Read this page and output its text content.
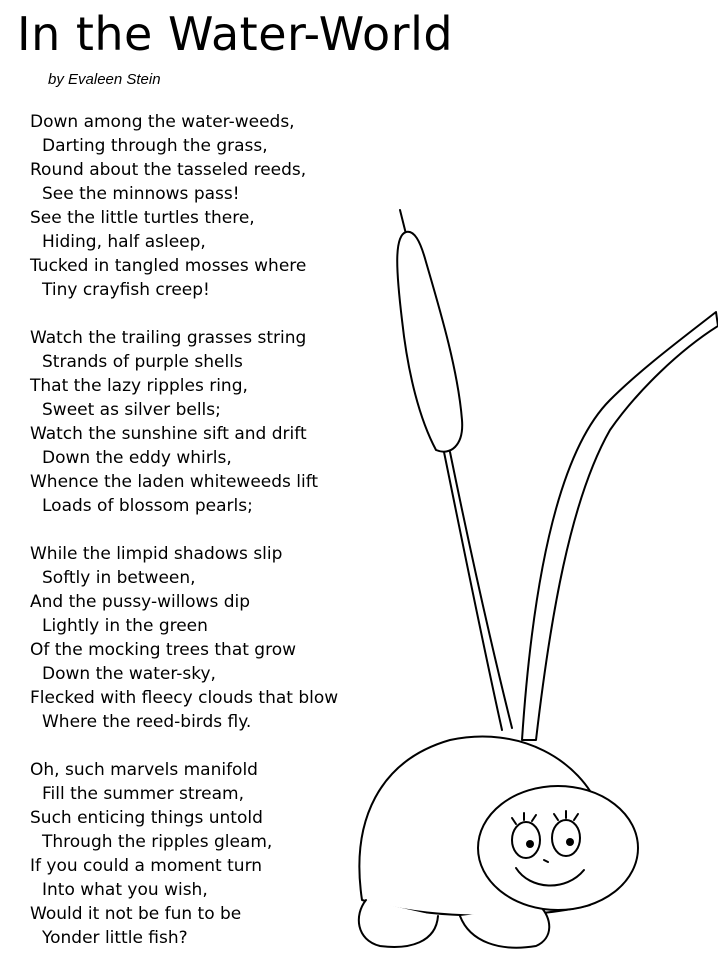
In the Water-World
by Evaleen Stein
Down among the water-weeds,
Darting through the grass,
Round about the tasseled reeds,
See the minnows pass!
See the little turtles there,
Hiding, half asleep,
Tucked in tangled mosses where
Tiny crayfish creep!
Watch the trailing grasses string
Strands of purple shells
That the lazy ripples ring,
Sweet as silver bells;
Watch the sunshine sift and drift
Down the eddy whirls,
Whence the laden whiteweeds lift
Loads of blossom pearls;
While the limpid shadows slip
Softly in between,
And the pussy-willows dip
Lightly in the green
Of the mocking trees that grow
Down the water-sky,
Flecked with fleecy clouds that blow
Where the reed-birds fly.
Oh, such marvels manifold
Fill the summer stream,
Such enticing things untold
Through the ripples gleam,
If you could a moment turn
Into what you wish,
Would it not be fun to be
Yonder little fish?
